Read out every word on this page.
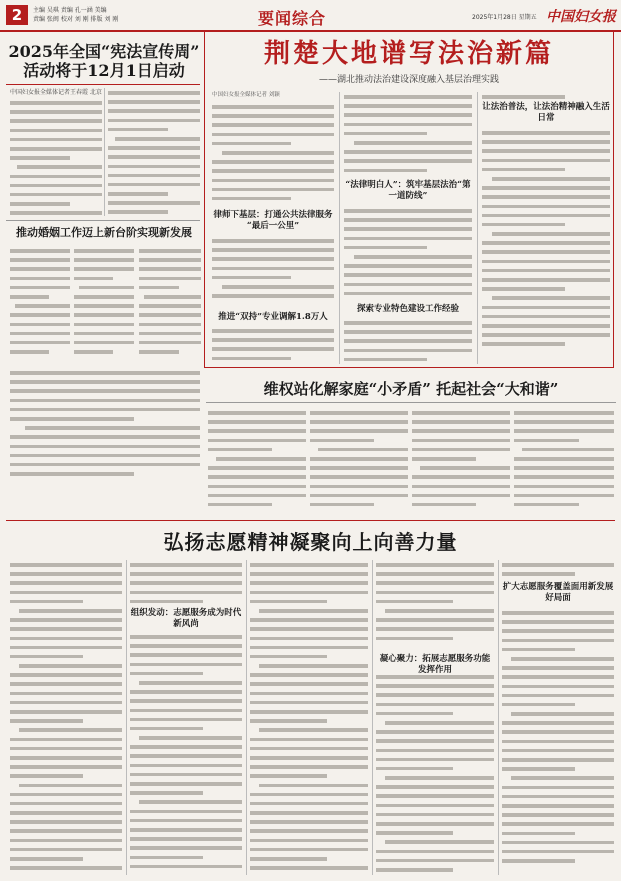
2	主编 吴琪 责编 孔一涵 美编
责编 张闽 校对 刘 刚 排版 刘 刚	要闻综合	2025年1月28日 星期五 中国妇女报
2025年全国“宪法宣传周”
活动将于12月1日启动
中国妇女报全媒体记者王春霞 北京
推动婚姻工作迈上新台阶实现新发展
荆楚大地谱写法治新篇
——湖北推动法治建设深度融入基层治理实践
中国妇女报全媒体记者 刘颖
律师下基层：打通公共法律服务
“最后一公里”
推进“双持”专业调解1.8万人
“法律明白人”：筑牢基层法治“第
一道防线”
探索专业特色建设工作经验
让法治普法，让法治精神融入生活
日常
维权站化解家庭“小矛盾” 托起社会“大和谐”
弘扬志愿精神凝聚向上向善力量
组织发动：志愿服务成为时代新风尚
凝心聚力：拓展志愿服务功能发挥作用
扩大志愿服务覆盖面用新发展好局面
